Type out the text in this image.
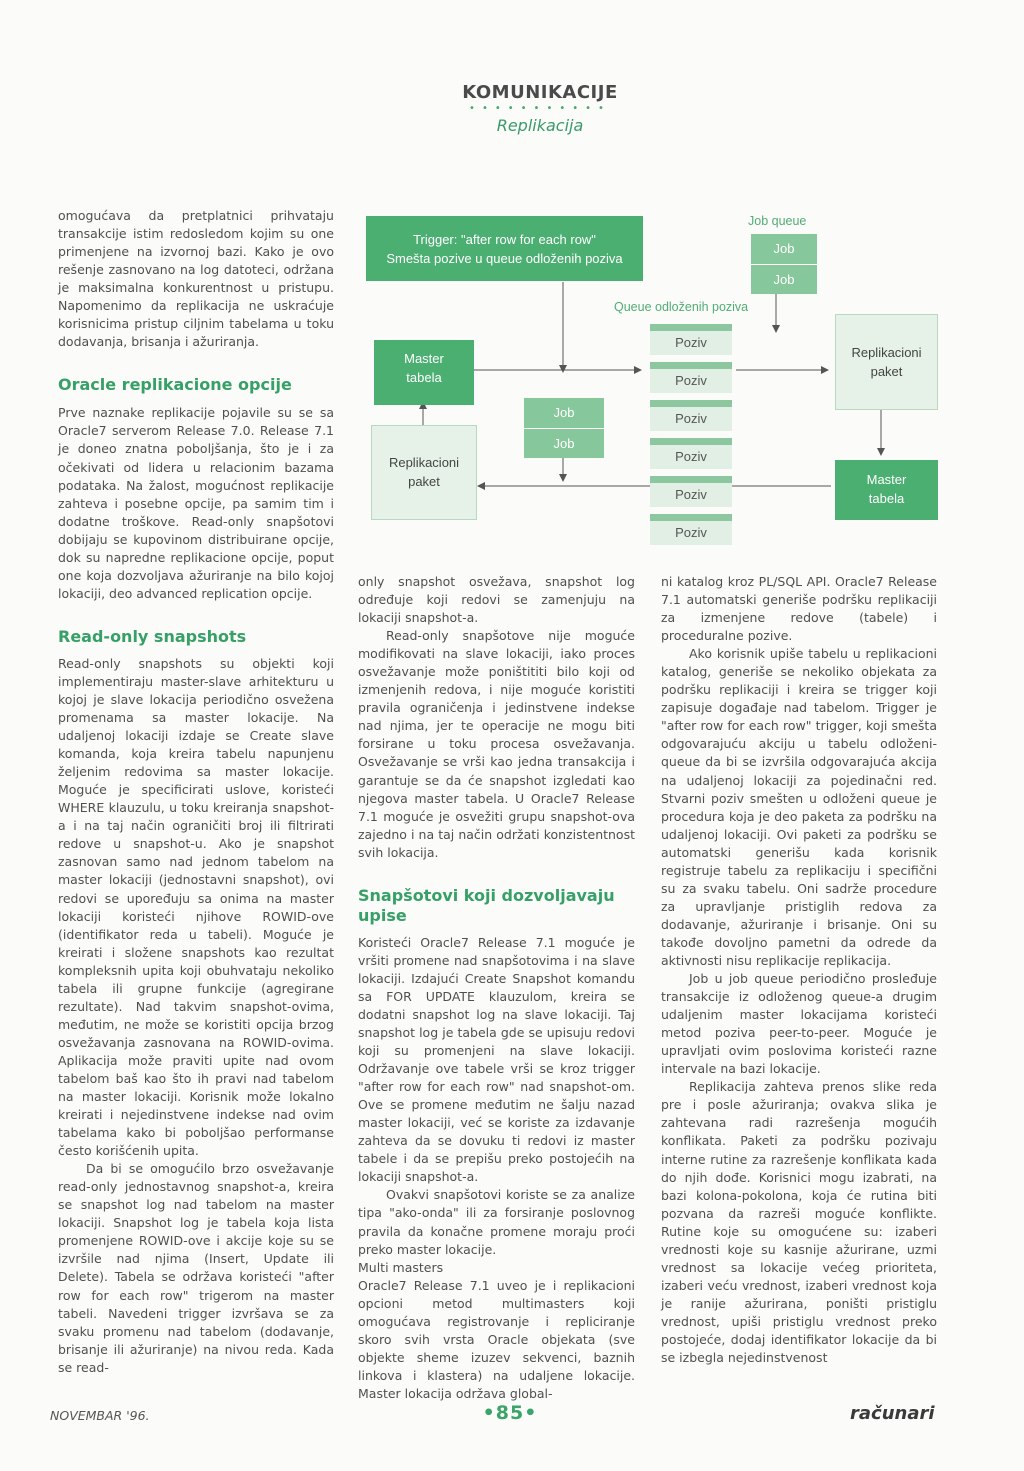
KOMUNIKACIJE
•••••••••••
Replikacija

omogućava da pretplatnici prihvataju transakcije istim redosledom kojim su one primenjene na izvornoj bazi. Kako je ovo rešenje zasnovano na log datoteci, održana je maksimalna konkurentnost u pristupu. Napomenimo da replikacija ne uskraćuje korisnicima pristup ciljnim tabelama u toku dodavanja, brisanja i ažuriranja.

Oracle replikacione opcije

Prve naznake replikacije pojavile su se sa Oracle7 serverom Release 7.0. Release 7.1 je doneo znatna poboljšanja, što je i za očekivati od lidera u relacionim bazama podataka. Na žalost, mogućnost replikacije zahteva i posebne opcije, pa samim tim i dodatne troškove. Read-only snapšotovi dobijaju se kupovinom distribuirane opcije, dok su naprednе replikacione opcije, poput one koja dozvoljava ažuriranje na bilo kojoj lokaciji, deo advanced replication opcije.

Read-only snapshots

Read-only snapshots su objekti koji implementiraju master-slave arhitekturu u kojoj je slave lokacija periodično osvežena promenama sa master lokacije. Na udaljenoj lokaciji izdaje se Create slave komanda, koja kreira tabelu napunjenu željenim redovima sa master lokacije. Moguće je specificirati uslove, koristeći WHERE klauzulu, u toku kreiranja snapshot-a i na taj način ograničiti broj ili filtrirati redove u snapshot-u. Ako je snapshot zasnovan samo nad jednom tabelom na master lokaciji (jednostavni snapshot), ovi redovi se upoređuju sa onima na master lokaciji koristeći njihove ROWID-ove (identifikator reda u tabeli). Moguće je kreirati i složene snapshots kao rezultat kompleksnih upita koji obuhvataju nekoliko tabela ili grupne funkcije (agregirane rezultate). Nad takvim snapshot-ovima, međutim, ne može se koristiti opcija brzog osvežavanja zasnovana na ROWID-ovima. Aplikacija može praviti upite nad ovom tabelom baš kao što ih pravi nad tabelom na master lokaciji. Korisnik može lokalno kreirati i nejedinstvene indekse nad ovim tabelama kako bi poboljšao performanse često korišćenih upita.

Da bi se omogućilo brzo osvežavanje read-only jednostavnog snapshot-a, kreira se snapshot log nad tabelom na master lokaciji. Snapshot log je tabela koja lista promenjene ROWID-ove i akcije koje su se izvršile nad njima (Insert, Update ili Delete). Tabela se održava koristeći "after row for each row" trigerom na master tabeli. Navedeni trigger izvršava se za svaku promenu nad tabelom (dodavanje, brisanje ili ažuriranje) na nivou reda. Kada se read-

Trigger: "after row for each row"
Smešta pozive u queue odloženih poziva
Job queue
Job
Job
Queue odloženih poziva
Master
tabela
Replikacioni
paket
Job
Job
Poziv
Poziv
Poziv
Poziv
Poziv
Poziv
Replikacioni
paket
Master
tabela

only snapshot osvežava, snapshot log određuje koji redovi se zamenjuju na lokaciji snapshot-a.

Read-only snapšotove nije moguće modifikovati na slave lokaciji, iako proces osvežavanje može poništititi bilo koji od izmenjenih redova, i nije moguće koristiti pravila ograničenja i jedinstvene indekse nad njima, jer te operacije ne mogu biti forsirane u toku procesa osvežavanja. Osvežavanje se vrši kao jedna transakcija i garantuje se da će snapshot izgledati kao njegova master tabela. U Oracle7 Release 7.1 moguće je osvežiti grupu snapshot-ova zajedno i na taj način održati konzistentnost svih lokacija.

Snapšotovi koji dozvoljavaju upise

Koristeći Oracle7 Release 7.1 moguće je vršiti promene nad snapšotovima i na slave lokaciji. Izdajući Create Snapshot komandu sa FOR UPDATE klauzulom, kreira se dodatni snapshot log na slave lokaciji. Taj snapshot log je tabela gde se upisuju redovi koji su promenjeni na slave lokaciji. Održavanje ove tabele vrši se kroz trigger "after row for each row" nad snapshot-om. Ove se promene međutim ne šalju nazad master lokaciji, već se koriste za izdavanje zahteva da se dovuku ti redovi iz master tabele i da se prepišu preko postojećih na lokaciji snapshot-a.

Ovakvi snapšotovi koriste se za analize tipa "ako-onda" ili za forsiranje poslovnog pravila da konačne promene moraju proći preko master lokacije.

Multi masters

Oracle7 Release 7.1 uveo je i replikacioni opcioni metod multimasters koji omogućava registrovanje i repliciranje skoro svih vrsta Oracle objekata (sve objekte sheme izuzev sekvenci, baznih linkova i klastera) na udaljene lokacije. Master lokacija održava global-

ni katalog kroz PL/SQL API. Oracle7 Release 7.1 automatski generiše podršku replikaciji za izmenjene redove (tabele) i proceduralne pozive.

Ako korisnik upiše tabelu u replikacioni katalog, generiše se nekoliko objekata za podršku replikaciji i kreira se trigger koji zapisuje događaje nad tabelom. Trigger je "after row for each row" trigger, koji smešta odgovarajuću akciju u tabelu odloženi-queue da bi se izvršila odgovarajuća akcija na udaljenoj lokaciji za pojedinačni red. Stvarni poziv smešten u odloženi queue je procedura koja je deo paketa za podršku na udaljenoj lokaciji. Ovi paketi za podršku se automatski generišu kada korisnik registruje tabelu za replikaciju i specifični su za svaku tabelu. Oni sadrže procedure za upravljanje pristiglih redova za dodavanje, ažuriranje i brisanje. Oni su takođe dovoljno pametni da odrede da aktivnosti nisu replikacije replikacija.

Job u job queue periodično prosleđuje transakcije iz odloženog queue-a drugim udaljenim master lokacijama koristeći metod poziva peer-to-peer. Moguće je upravljati ovim poslovima koristeći razne intervale na bazi lokacije.

Replikacija zahteva prenos slike reda pre i posle ažuriranja; ovakva slika je zahtevana radi razrešenja mogućih konflikata. Paketi za podršku pozivaju interne rutine za razrešenje konflikata kada do njih dođe. Korisnici mogu izabrati, na bazi kolona-pokolona, koja će rutina biti pozvana da razreši moguće konflikte. Rutine koje su omogućene su: izaberi vrednosti koje su kasnije ažurirane, uzmi vrednost sa lokacije većeg prioriteta, izaberi veću vrednost, izaberi vrednost koja je ranije ažurirana, poništi pristiglu vrednost, upiši pristiglu vrednost preko postojeće, dodaj identifikator lokacije da bi se izbegla nejedinstvenost

NOVEMBAR '96.	•85•	računari
